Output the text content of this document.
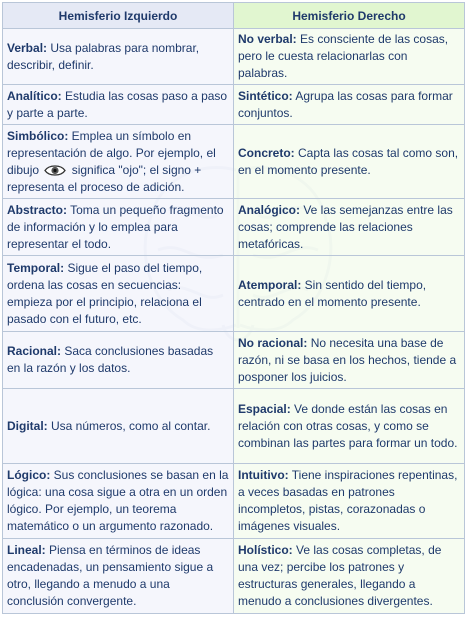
Hemisferio Izquierdo	Hemisferio Derecho
Verbal: Usa palabras para nombrar, describir, definir.	No verbal: Es consciente de las cosas, pero le cuesta relacionarlas con palabras.
Analítico: Estudia las cosas paso a paso y parte a parte.	Sintético: Agrupa las cosas para formar conjuntos.
Simbólico: Emplea un símbolo en representación de algo. Por ejemplo, el dibujo  significa "ojo"; el signo + representa el proceso de adición.	Concreto: Capta las cosas tal como son, en el momento presente.
Abstracto: Toma un pequeño fragmento de información y lo emplea para representar el todo.	Analógico: Ve las semejanzas entre las cosas; comprende las relaciones metafóricas.
Temporal: Sigue el paso del tiempo, ordena las cosas en secuencias: empieza por el principio, relaciona el pasado con el futuro, etc.	Atemporal: Sin sentido del tiempo, centrado en el momento presente.
Racional: Saca conclusiones basadas en la razón y los datos.	No racional: No necesita una base de razón, ni se basa en los hechos, tiende a posponer los juicios.
Digital: Usa números, como al contar.	Espacial: Ve donde están las cosas en relación con otras cosas, y como se combinan las partes para formar un todo.
Lógico: Sus conclusiones se basan en la lógica: una cosa sigue a otra en un orden lógico. Por ejemplo, un teorema matemático o un argumento razonado.	Intuitivo: Tiene inspiraciones repentinas, a veces basadas en patrones incompletos, pistas, corazonadas o imágenes visuales.
Lineal: Piensa en términos de ideas encadenadas, un pensamiento sigue a otro, llegando a menudo a una conclusión convergente.	Holístico: Ve las cosas completas, de una vez; percibe los patrones y estructuras generales, llegando a menudo a conclusiones divergentes.
